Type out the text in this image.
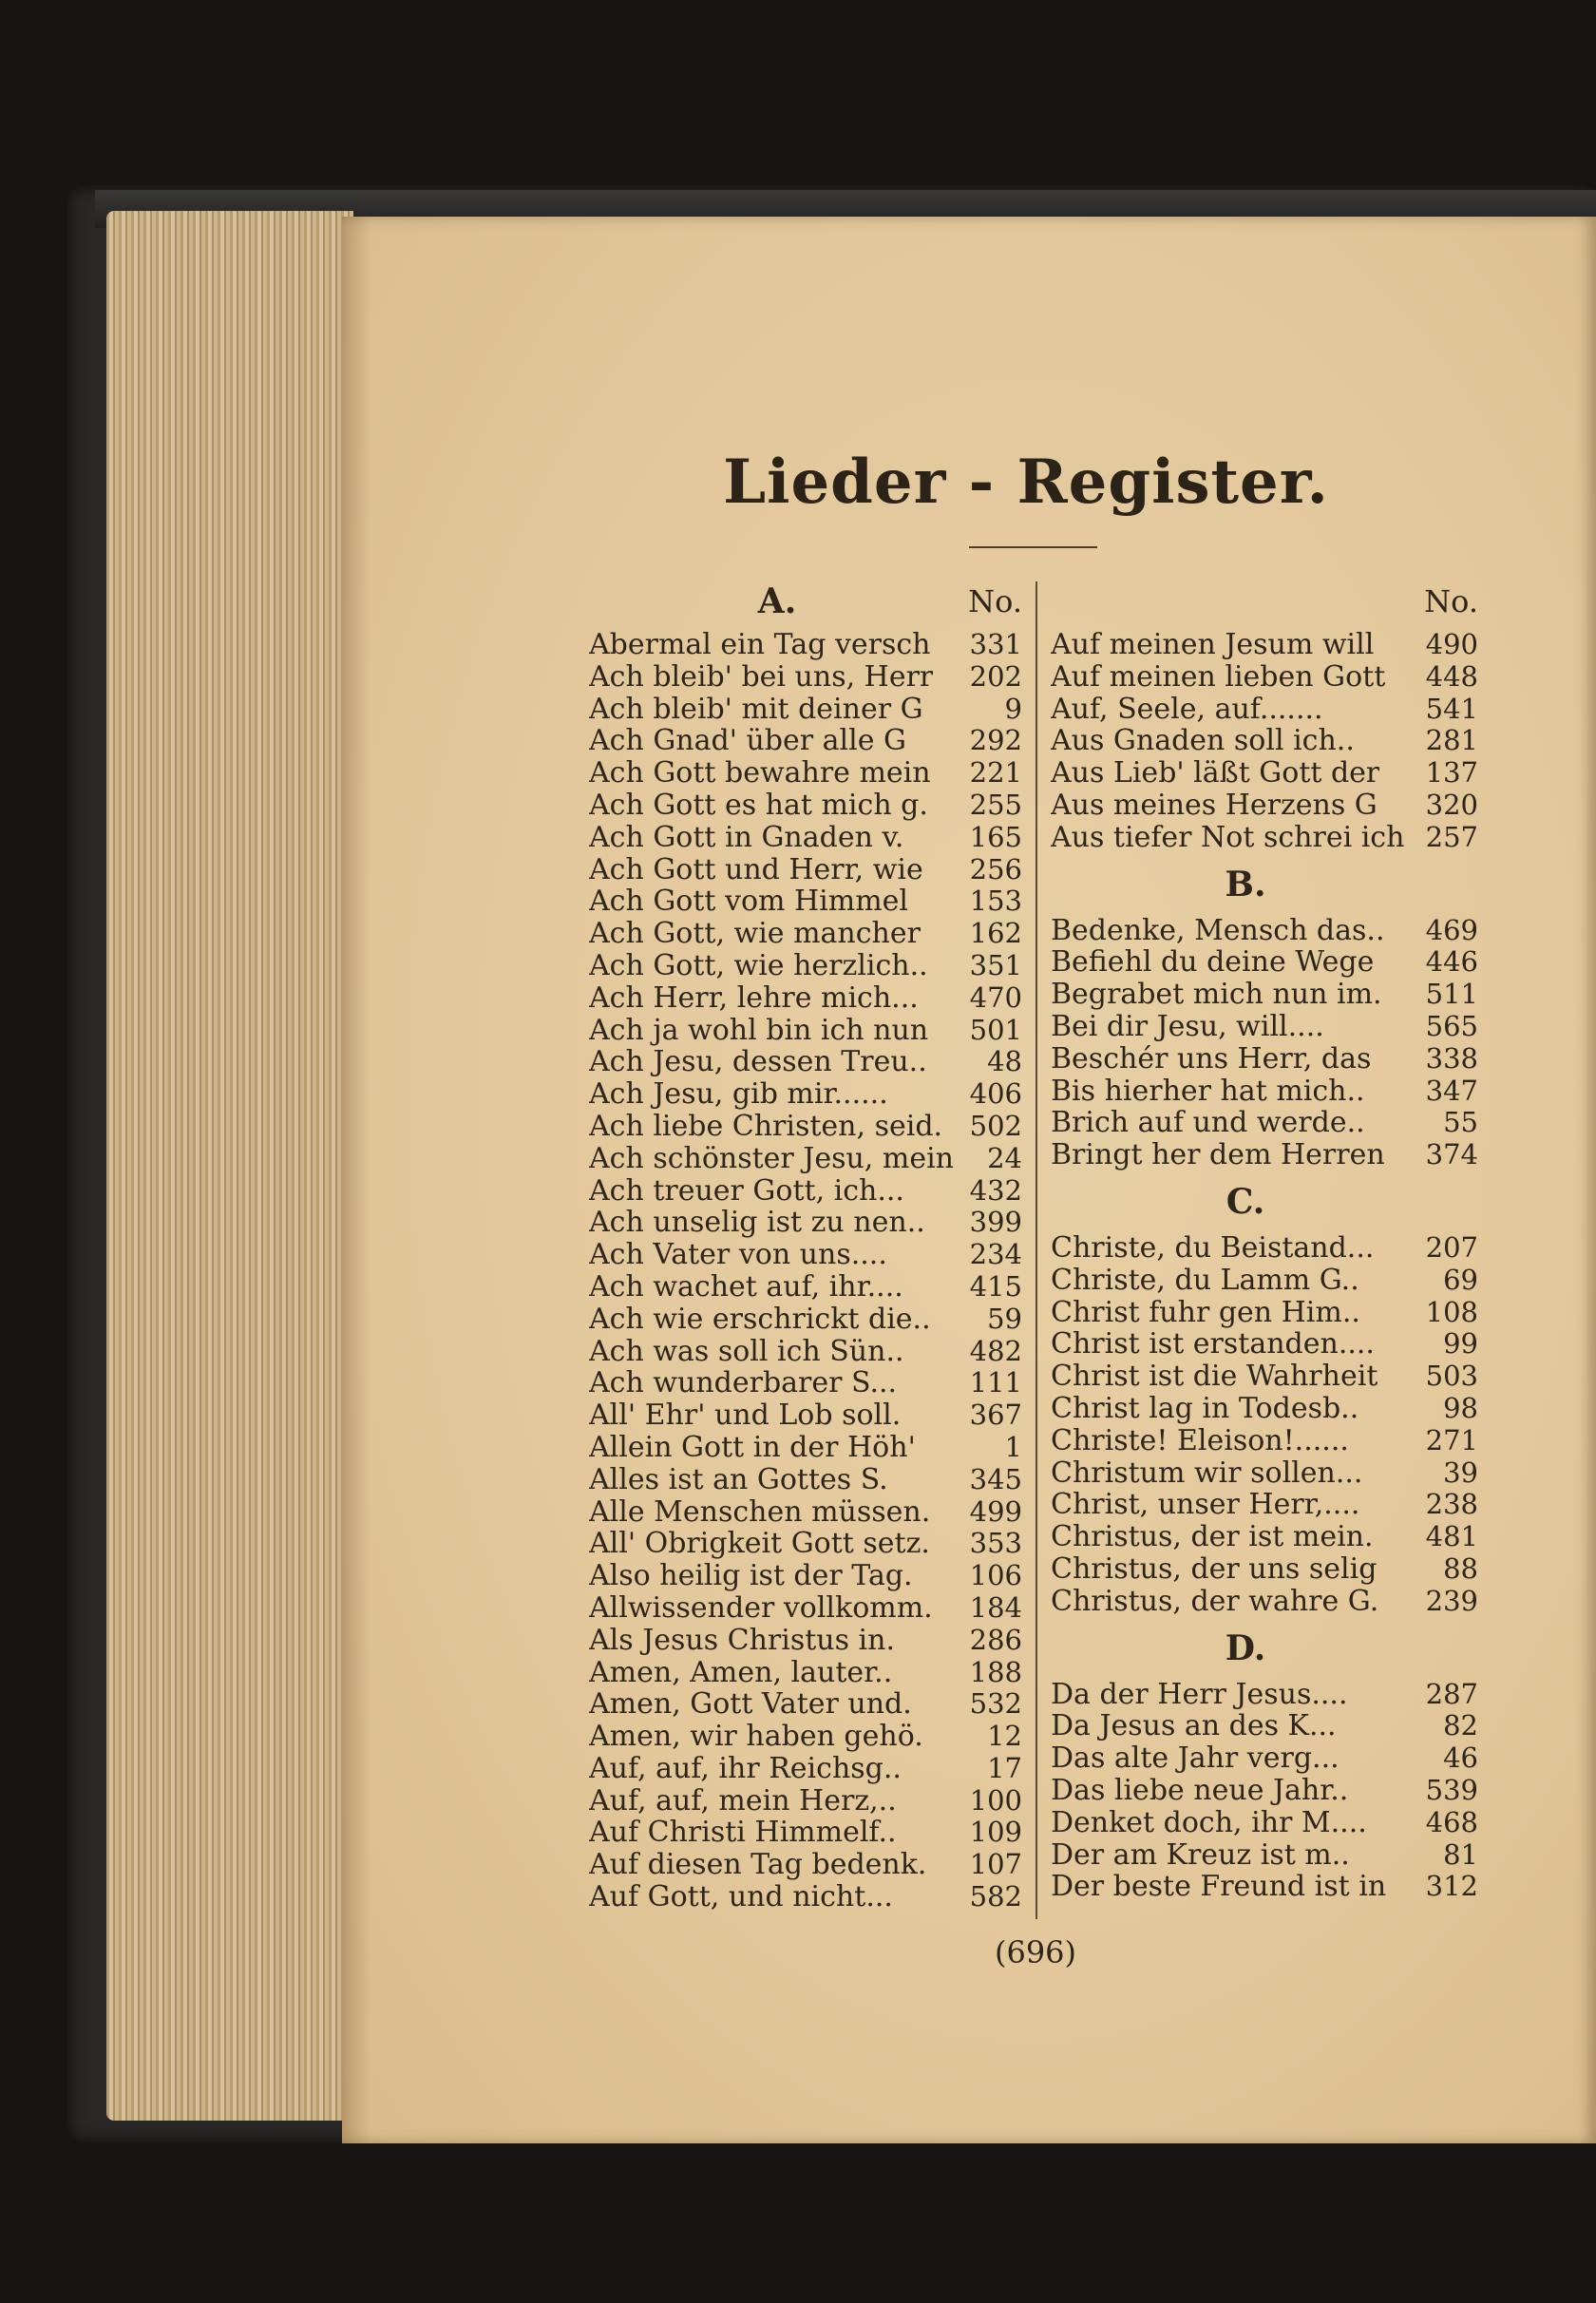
Lieder - Register.
A.	No.
Abermal ein Tag versch 331
Ach bleib' bei uns, Herr 202
Ach bleib' mit deiner G	9
Ach Gnad' über alle G 292
Ach Gott bewahre mein 221
Ach Gott es hat mich g. 255
Ach Gott in Gnaden v. 165
Ach Gott und Herr, wie 256
Ach Gott vom Himmel 153
Ach Gott, wie mancher 162
Ach Gott, wie herzlich.. 351
Ach Herr, lehre mich... 470
Ach ja wohl bin ich nun 501
Ach Jesu, dessen Treu.. 48
Ach Jesu, gib mir......	406
Ach liebe Christen, seid. 502
Ach schönster Jesu, mein 24
Ach treuer Gott, ich... 432
Ach unselig ist zu nen.. 399
Ach Vater von uns....	234
Ach wachet auf, ihr.... 415
Ach wie erschrickt die.. 59
Ach was soll ich Sün.. 482
Ach wunderbarer S...	111
All' Ehr' und Lob soll. 367
Allein Gott in der Höh'	1
Alles ist an Gottes S.	345
Alle Menschen müssen. 499
All' Obrigkeit Gott setz. 353
Also heilig ist der Tag. 106
Allwissender vollkomm. 184
Als Jesus Christus in.	286
Amen, Amen, lauter..	188
Amen, Gott Vater und. 532
Amen, wir haben gehö. 12
Auf, auf, ihr Reichsg..	17
Auf, auf, mein Herz,..	100
Auf Christi Himmelf..	109
Auf diesen Tag bedenk. 107
Auf Gott, und nicht...	582
No.
Auf meinen Jesum will 490
Auf meinen lieben Gott 448
Auf, Seele, auf.......	541
Aus Gnaden soll ich..	281
Aus Lieb' läßt Gott der 137
Aus meines Herzens G 320
Aus tiefer Not schrei ich 257
B.
Bedenke, Mensch das.. 469
Befiehl du deine Wege 446
Begrabet mich nun im. 511
Bei dir Jesu, will....	565
Beschér uns Herr, das 338
Bis hierher hat mich.. 347
Brich auf und werde..	55
Bringt her dem Herren 374
C.
Christe, du Beistand... 207
Christe, du Lamm G..	69
Christ fuhr gen Him.. 108
Christ ist erstanden.... 99
Christ ist die Wahrheit 503
Christ lag in Todesb..	98
Christe! Eleison!......	271
Christum wir sollen...	39
Christ, unser Herr,.... 238
Christus, der ist mein. 481
Christus, der uns selig 88
Christus, der wahre G. 239
D.
Da der Herr Jesus....	287
Da Jesus an des K...	82
Das alte Jahr verg...	46
Das liebe neue Jahr..	539
Denket doch, ihr M.... 468
Der am Kreuz ist m..	81
Der beste Freund ist in 312
(696)
